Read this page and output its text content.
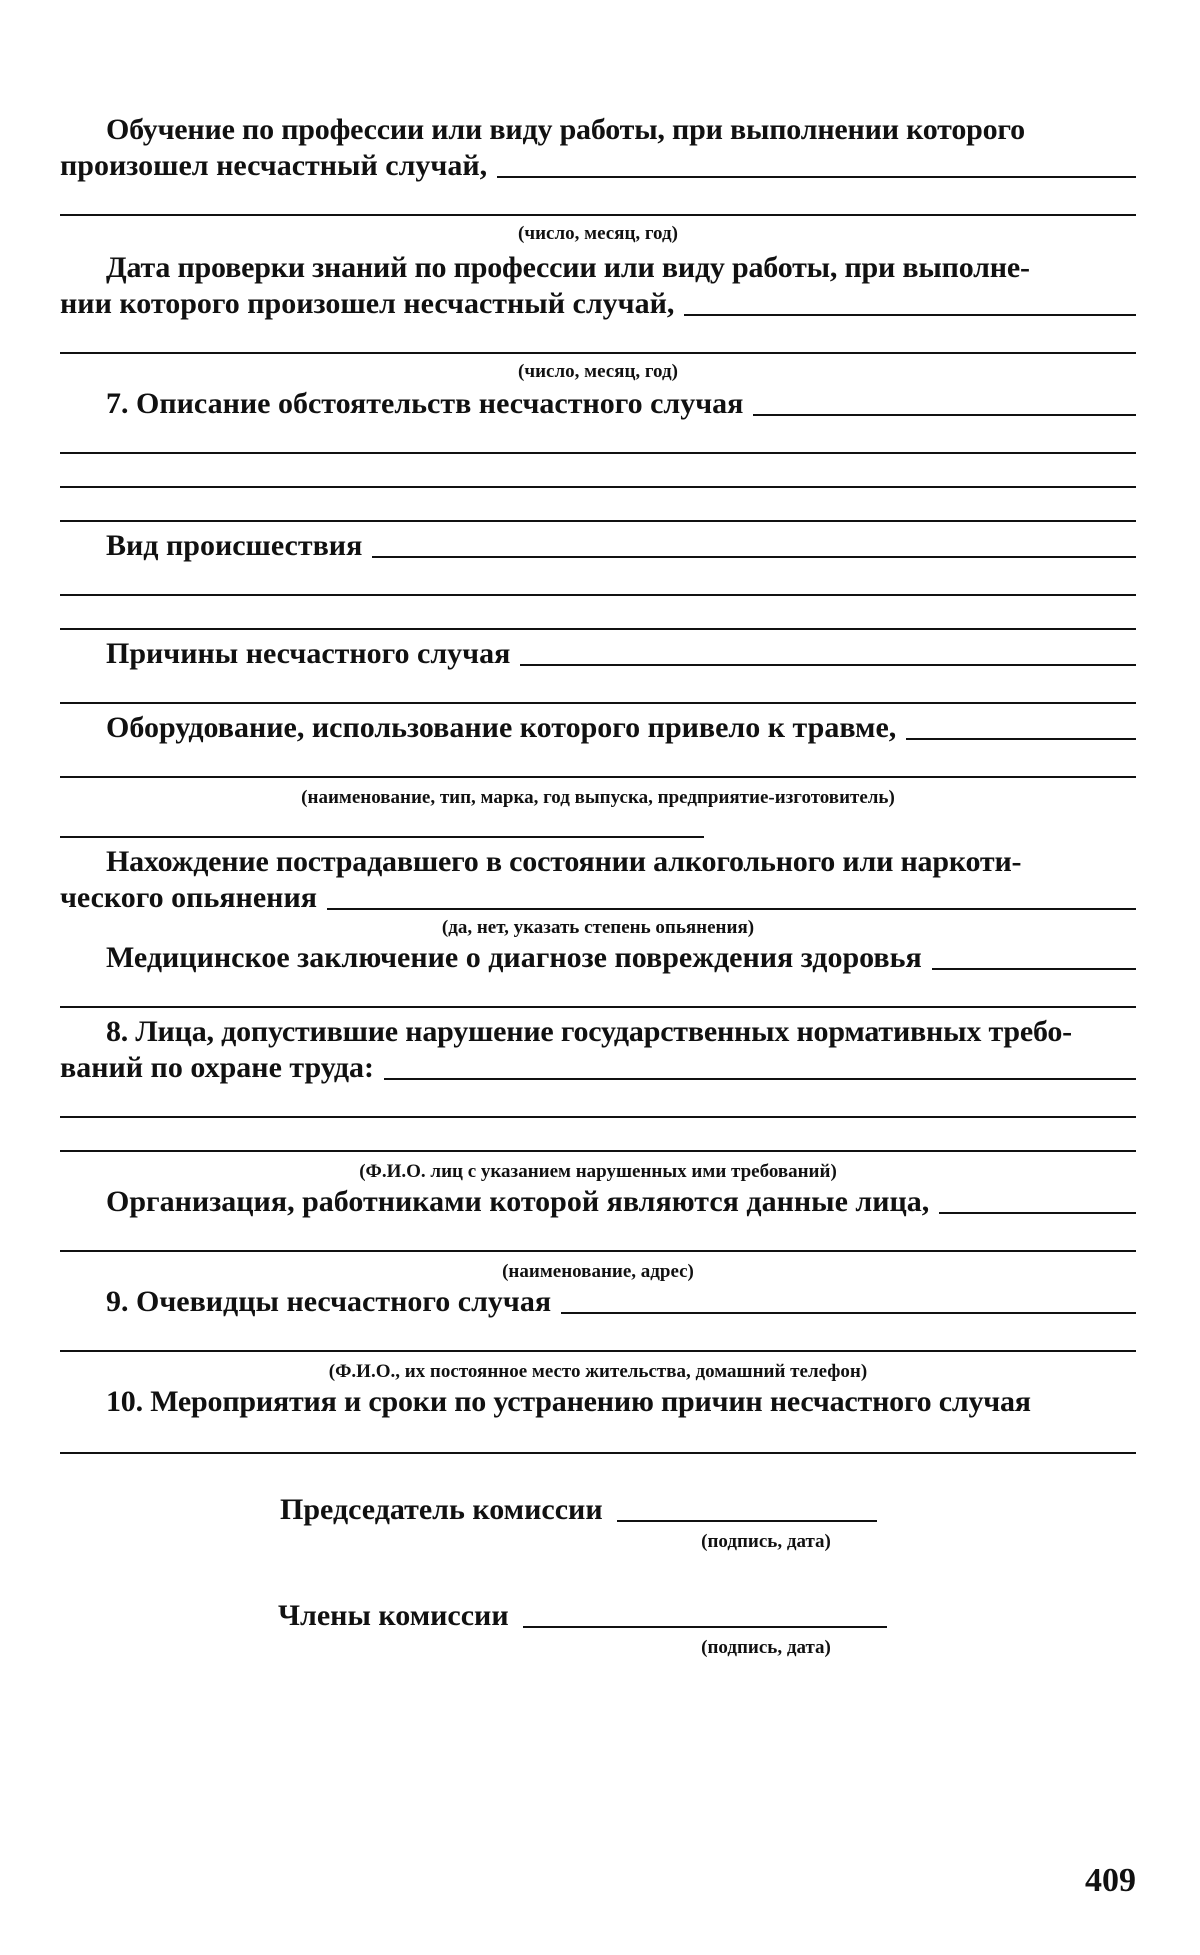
Обучение по профессии или виду работы, при выполнении которого

произошел несчастный случай,
(число, месяц, год)

Дата проверки знаний по профессии или виду работы, при выполне-

нии которого произошел несчастный случай,
(число, месяц, год)
7. Описание обстоятельств несчастного случая
Вид происшествия
Причины несчастного случая
Оборудование, использование которого привело к травме,
(наименование, тип, марка, год выпуска, предприятие-изготовитель)

Нахождение пострадавшего в состоянии алкогольного или наркоти-

ческого опьянения
(да, нет, указать степень опьянения)
Медицинское заключение о диагнозе повреждения здоровья

8. Лица, допустившие нарушение государственных нормативных требо-

ваний по охране труда:
(Ф.И.О. лиц с указанием нарушенных ими требований)
Организация, работниками которой являются данные лица,
(наименование, адрес)
9. Очевидцы несчастного случая
(Ф.И.О., их постоянное место жительства, домашний телефон)

10. Мероприятия и сроки по устранению причин несчастного случая

Председатель комиссии
(подпись, дата)
Члены комиссии
(подпись, дата)
409
